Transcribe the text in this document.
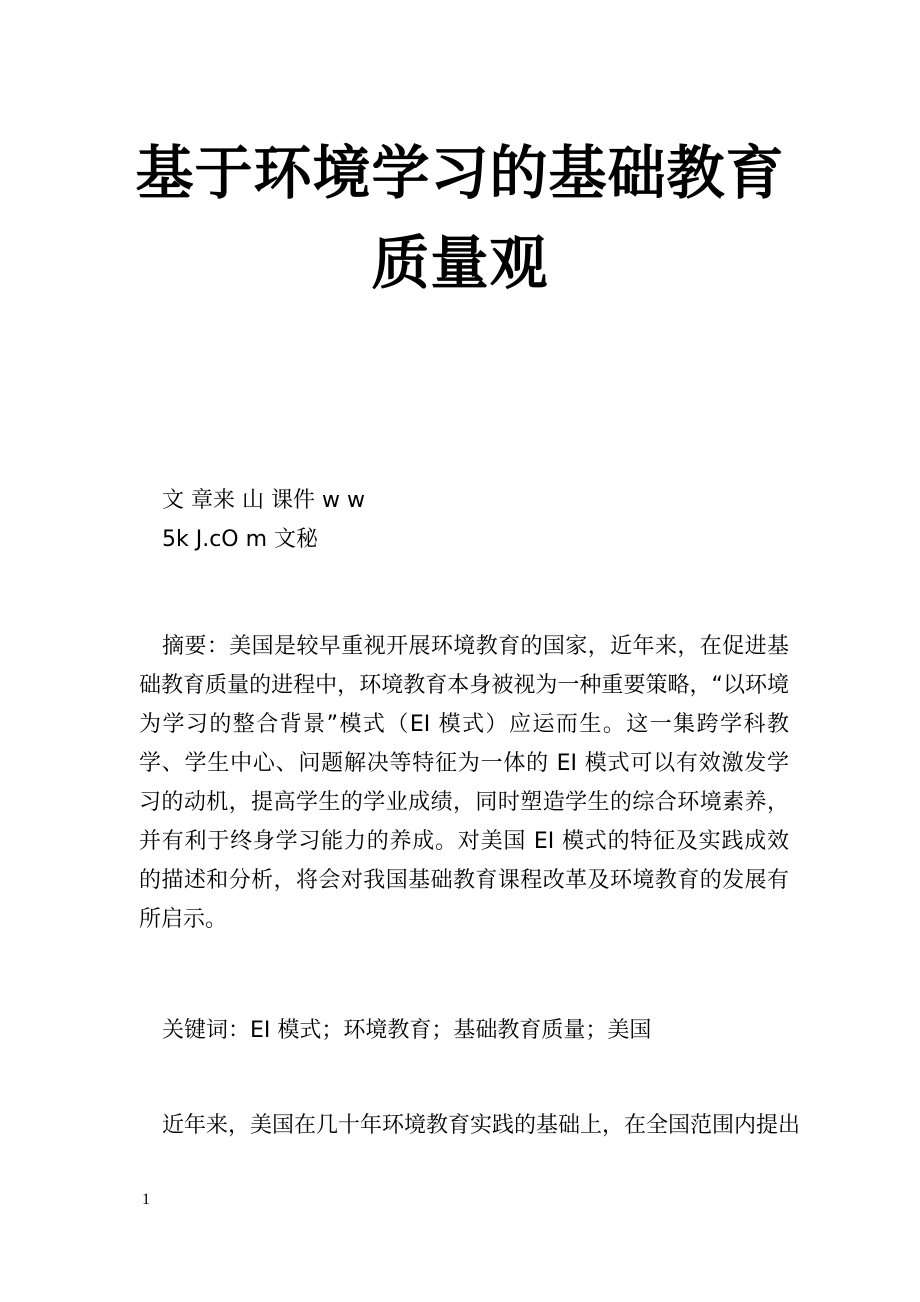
基于环境学习的基础教育
质量观
文 章来 山 课件 w w
5k J.cO m 文秘

摘要：美国是较早重视开展环境教育的国家，近年来，在促进基础教育质量的进程中，环境教育本身被视为一种重要策略，“以环境为学习的整合背景”模式（EI 模式）应运而生。这一集跨学科教学、学生中心、问题解决等特征为一体的 EI 模式可以有效激发学习的动机，提高学生的学业成绩，同时塑造学生的综合环境素养，并有利于终身学习能力的养成。对美国 EI 模式的特征及实践成效的描述和分析，将会对我国基础教育课程改革及环境教育的发展有所启示。

关键词：EI 模式；环境教育；基础教育质量；美国

近年来，美国在几十年环境教育实践的基础上，在全国范围内提出

1
